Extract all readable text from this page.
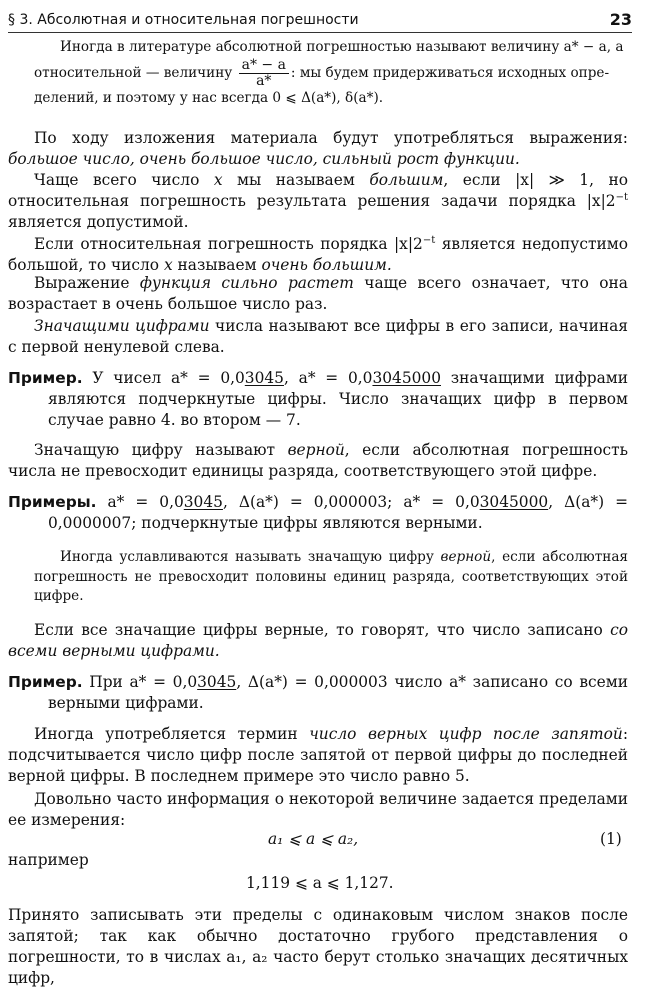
§ 3. Абсолютная и относительная погрешности	23

Иногда в литературе абсолютной погрешностью называют величину a* − a, а

относительной — величину $\frac{a* - a}{a*}$ : мы будем придерживаться исходных опре-

делений, и поэтому у нас всегда 0 ⩽ Δ(a*), δ(a*).

По ходу изложения материала будут употребляться выражения: большое число, очень большое число, сильный рост функции.

Чаще всего число x мы называем большим, если |x| ≫ 1, но относительная погрешность результата решения задачи порядка $|x|2^{-t}$ является допустимой.

Если относительная погрешность порядка $|x|2^{-t}$ является недопустимо большой, то число x называем очень большим.

Выражение функция сильно растет чаще всего означает, что она возрастает в очень большое число раз.

Значащими цифрами числа называют все цифры в его записи, начиная с первой ненулевой слева.

Пример. У чисел a* = 0,03045, a* = 0,03045000 значащими цифрами являются подчеркнутые цифры. Число значащих цифр в первом случае равно 4. во втором — 7.

Значащую цифру называют верной, если абсолютная погрешность числа не превосходит единицы разряда, соответствующего этой цифре.

Примеры. a* = 0,03045, Δ(a*) = 0,000003; a* = 0,03045000, Δ(a*) = 0,0000007; подчеркнутые цифры являются верными.

Иногда уславливаются называть значащую цифру верной, если абсолютная погрешность не превосходит половины единиц разряда, соответствующих этой цифре.

Если все значащие цифры верные, то говорят, что число записано со всеми верными цифрами.

Пример. При a* = 0,03045, Δ(a*) = 0,000003 число a* записано со всеми верными цифрами.

Иногда употребляется термин число верных цифр после запятой: подсчитывается число цифр после запятой от первой цифры до последней верной цифры. В последнем примере это число равно 5.

Довольно часто информация о некоторой величине задается пределами ее измерения:

a₁ ⩽ a ⩽ a₂,	(1)

например

1,119 ⩽ a ⩽ 1,127.

Принято записывать эти пределы с одинаковым числом знаков после запятой; так как обычно достаточно грубого представления о погрешности, то в числах a₁, a₂ часто берут столько значащих десятичных цифр,
